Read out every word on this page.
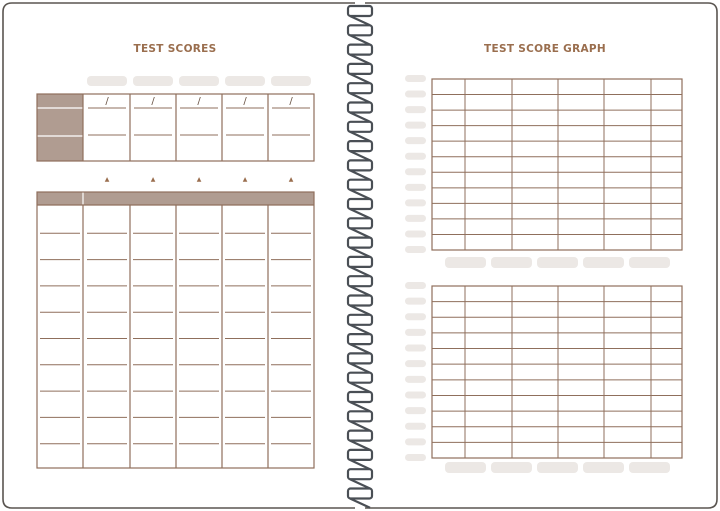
TEST SCORES	TEST SCORE GRAPH
/	/	/	/	/
▲	▲	▲	▲	▲
